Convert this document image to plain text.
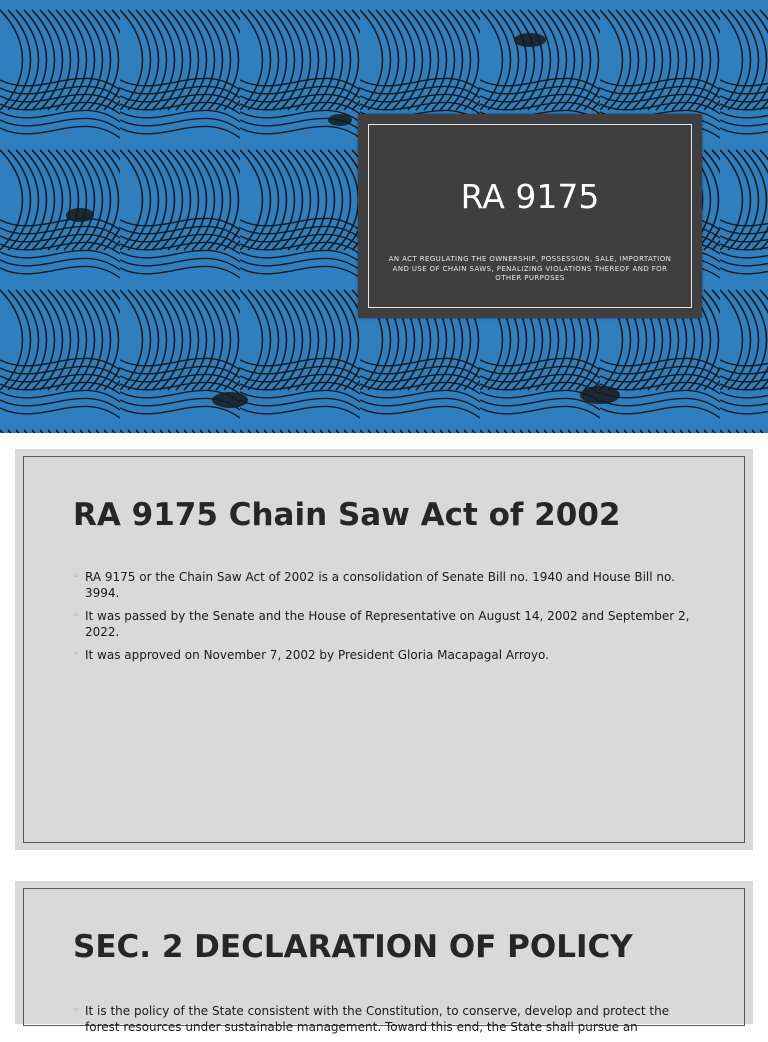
RA 9175
AN ACT REGULATING THE OWNERSHIP, POSSESSION, SALE, IMPORTATION AND USE OF CHAIN SAWS, PENALIZING VIOLATIONS THEREOF AND FOR OTHER PURPOSES
RA 9175 Chain Saw Act of 2002
◦ RA 9175 or the Chain Saw Act of 2002 is a consolidation of Senate Bill no. 1940 and House Bill no. 3994.
◦ It was passed by the Senate and the House of Representative on August 14, 2002 and September 2, 2022.
◦ It was approved on November 7, 2002 by President Gloria Macapagal Arroyo.
SEC. 2 DECLARATION OF POLICY
◦ It is the policy of the State consistent with the Constitution, to conserve, develop and protect the forest resources under sustainable management. Toward this end, the State shall pursue an
